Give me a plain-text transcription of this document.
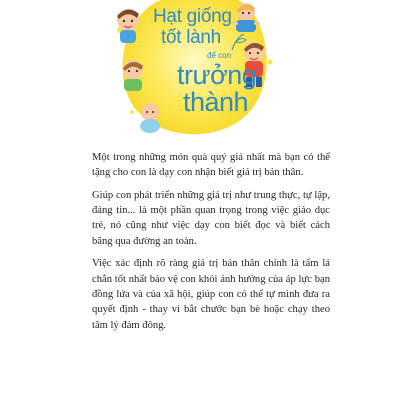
Hạt giống
tốt lành
để con
trưởng
thành

Một trong những món quà quý giá nhất mà bạn có thể tặng cho con là dạy con nhận biết giá trị bản thân.

Giúp con phát triển những giá trị như trung thực, tự lập, đáng tin... là một phần quan trọng trong việc giáo dục trẻ, nó cũng như việc dạy con biết đọc và biết cách băng qua đường an toàn.

Việc xác định rõ ràng giá trị bản thân chính là tấm lá chắn tốt nhất bảo vệ con khỏi ảnh hưởng của áp lực bạn đồng lứa và của xã hội, giúp con có thể tự mình đưa ra quyết định - thay vì bắt chước bạn bè hoặc chạy theo tâm lý đám đông.
